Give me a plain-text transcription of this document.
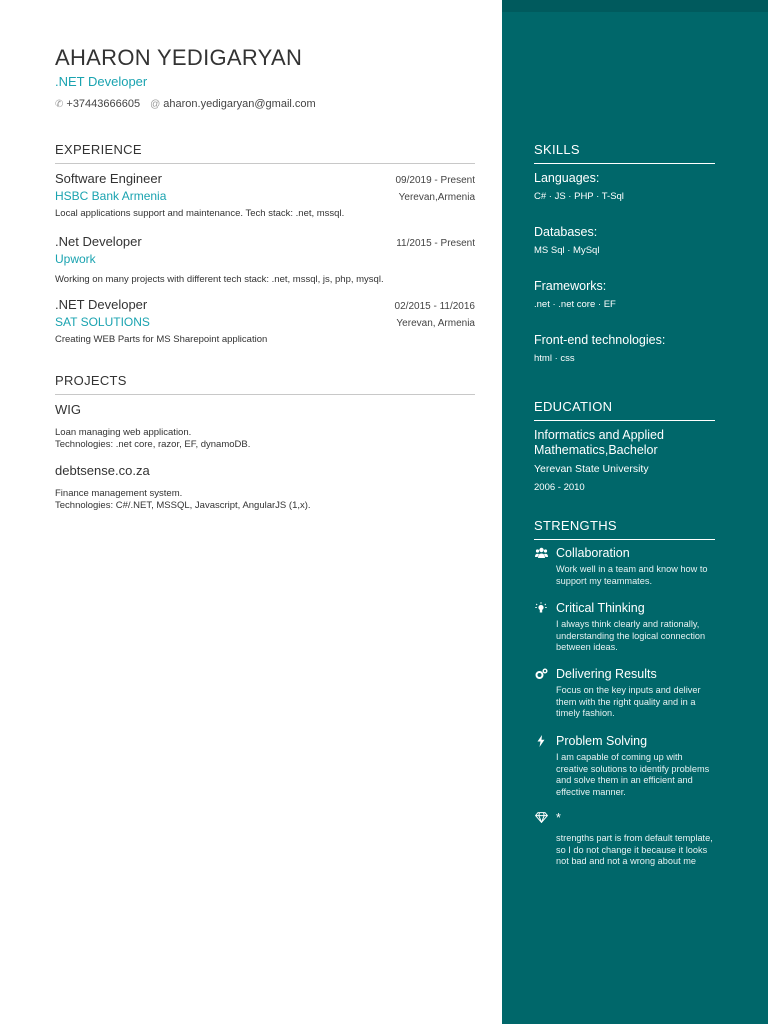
AHARON YEDIGARYAN
.NET Developer
✆ +37443666605 @ aharon.yedigaryan@gmail.com
EXPERIENCE
Software Engineer	09/2019 - Present
HSBC Bank Armenia	Yerevan,Armenia
Local applications support and maintenance. Tech stack: .net, mssql.
.Net Developer	11/2015 - Present
Upwork
Working on many projects with different tech stack: .net, mssql, js, php, mysql.
.NET Developer	02/2015 - 11/2016
SAT SOLUTIONS	Yerevan, Armenia
Creating WEB Parts for MS Sharepoint application
PROJECTS
WIG
Loan managing web application.
Technologies: .net core, razor, EF, dynamoDB.
debtsense.co.za
Finance management system.
Technologies: C#/.NET, MSSQL, Javascript, AngularJS (1,x).
SKILLS
Languages:
C# · JS · PHP · T-Sql
Databases:
MS Sql · MySql
Frameworks:
.net · .net core · EF
Front-end technologies:
html · css
EDUCATION
Informatics and Applied Mathematics,Bachelor
Yerevan State University
2006 - 2010
STRENGTHS
Collaboration
Work well in a team and know how to support my teammates.
Critical Thinking
I always think clearly and rationally, understanding the logical connection between ideas.
Delivering Results
Focus on the key inputs and deliver them with the right quality and in a timely fashion.
Problem Solving
I am capable of coming up with creative solutions to identify problems and solve them in an efficient and effective manner.
*
strengths part is from default template, so I do not change it because it looks not bad and not a wrong about me
